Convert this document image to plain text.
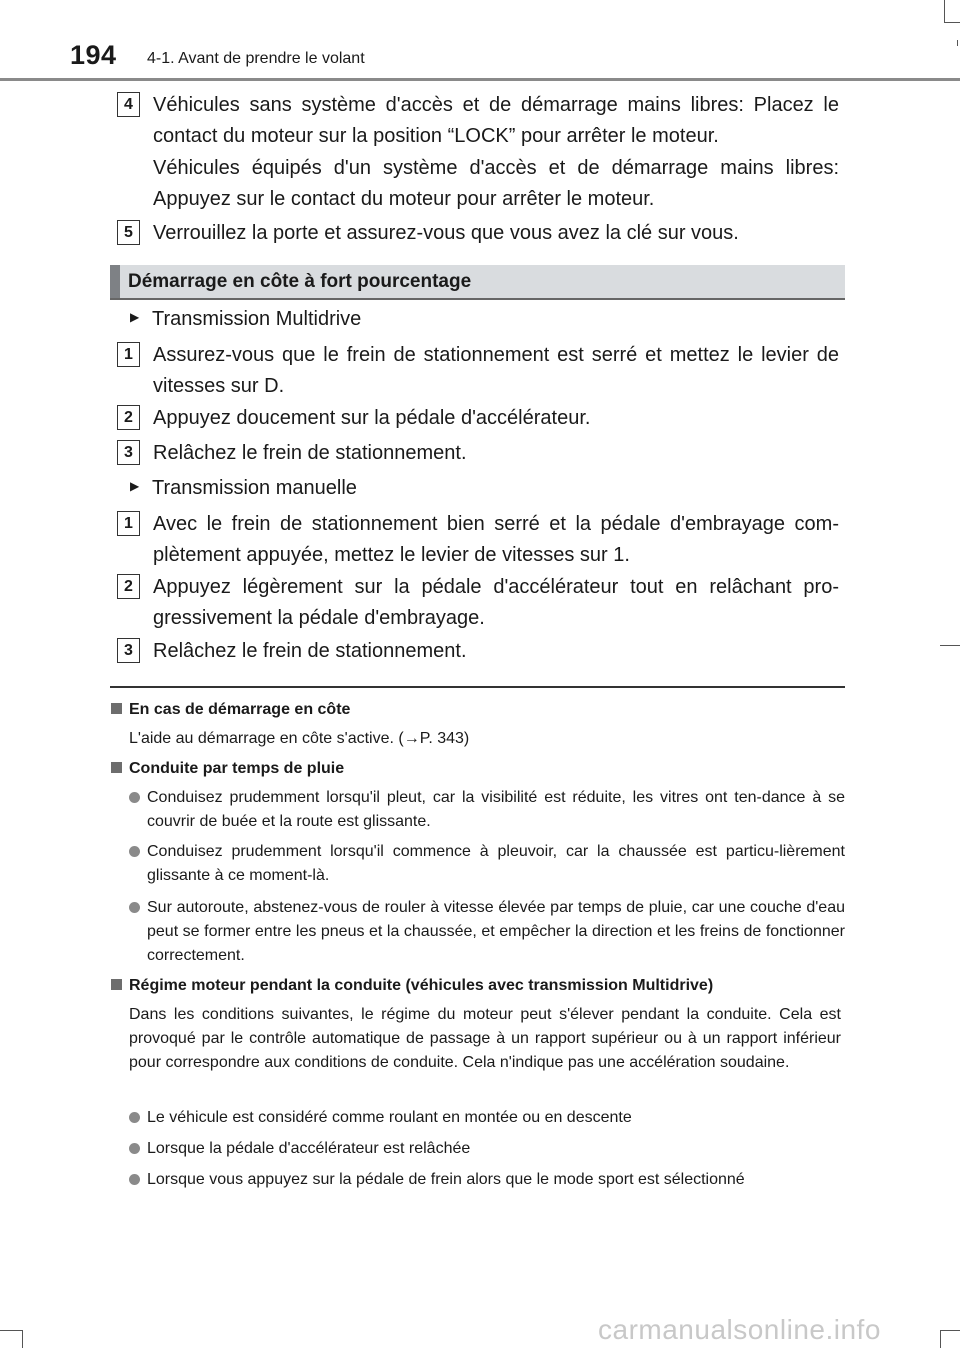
194 4-1. Avant de prendre le volant
4	Véhicules sans système d'accès et de démarrage mains libres: Placez le contact du moteur sur la position “LOCK” pour arrêter le moteur.
Véhicules équipés d'un système d'accès et de démarrage mains libres: Appuyez sur le contact du moteur pour arrêter le moteur.
5	Verrouillez la porte et assurez-vous que vous avez la clé sur vous.
Démarrage en côte à fort pourcentage
▶ Transmission Multidrive
1	Assurez-vous que le frein de stationnement est serré et mettez le levier de vitesses sur D.
2	Appuyez doucement sur la pédale d'accélérateur.
3	Relâchez le frein de stationnement.
▶ Transmission manuelle
1	Avec le frein de stationnement bien serré et la pédale d'embrayage com-plètement appuyée, mettez le levier de vitesses sur 1.
2	Appuyez légèrement sur la pédale d'accélérateur tout en relâchant pro-gressivement la pédale d'embrayage.
3	Relâchez le frein de stationnement.
En cas de démarrage en côte
L'aide au démarrage en côte s'active. (→P. 343)
Conduite par temps de pluie
Conduisez prudemment lorsqu'il pleut, car la visibilité est réduite, les vitres ont ten-dance à se couvrir de buée et la route est glissante.
Conduisez prudemment lorsqu'il commence à pleuvoir, car la chaussée est particu-lièrement glissante à ce moment-là.
Sur autoroute, abstenez-vous de rouler à vitesse élevée par temps de pluie, car une couche d'eau peut se former entre les pneus et la chaussée, et empêcher la direction et les freins de fonctionner correctement.
Régime moteur pendant la conduite (véhicules avec transmission Multidrive)
Dans les conditions suivantes, le régime du moteur peut s'élever pendant la conduite. Cela est provoqué par le contrôle automatique de passage à un rapport supérieur ou à un rapport inférieur pour correspondre aux conditions de conduite. Cela n'indique pas une accélération soudaine.
Le véhicule est considéré comme roulant en montée ou en descente
Lorsque la pédale d'accélérateur est relâchée
Lorsque vous appuyez sur la pédale de frein alors que le mode sport est sélectionné
carmanualsonline.info
